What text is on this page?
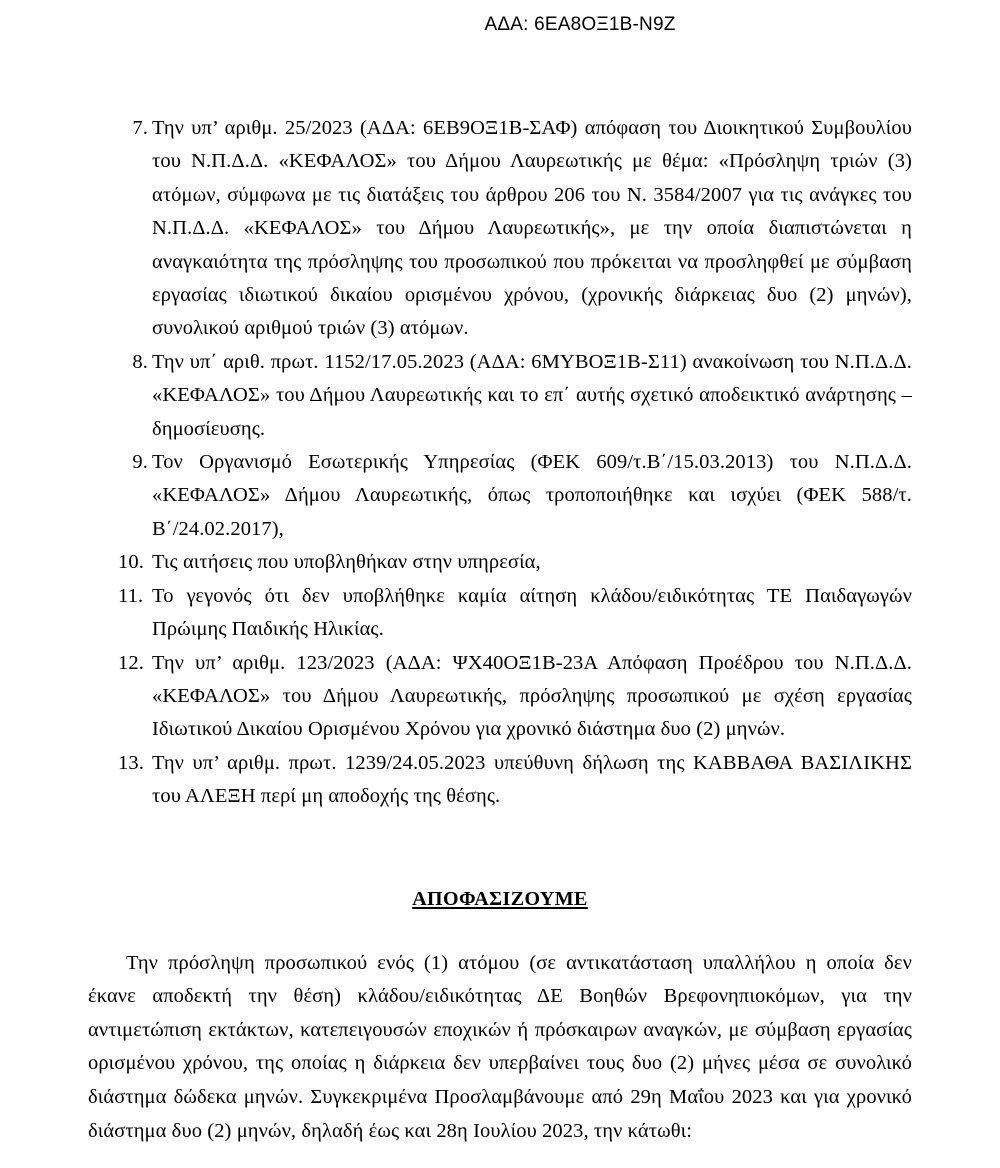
ΑΔΑ: 6ΕΑ8ΟΞ1Β-Ν9Ζ
7. Την υπ’ αριθμ. 25/2023 (ΑΔΑ: 6ΕΒ9ΟΞ1Β-ΣΑΦ) απόφαση του Διοικητικού Συμβουλίου του Ν.Π.Δ.Δ. «ΚΕΦΑΛΟΣ» του Δήμου Λαυρεωτικής με θέμα: «Πρόσληψη τριών (3) ατόμων, σύμφωνα με τις διατάξεις του άρθρου 206 του Ν. 3584/2007 για τις ανάγκες του Ν.Π.Δ.Δ. «ΚΕΦΑΛΟΣ» του Δήμου Λαυρεωτικής», με την οποία διαπιστώνεται η αναγκαιότητα της πρόσληψης του προσωπικού που πρόκειται να προσληφθεί με σύμβαση εργασίας ιδιωτικού δικαίου ορισμένου χρόνου, (χρονικής διάρκειας δυο (2) μηνών), συνολικού αριθμού τριών (3) ατόμων.
8. Την υπ΄ αριθ. πρωτ. 1152/17.05.2023 (ΑΔΑ: 6ΜΥΒΟΞ1Β-Σ11) ανακοίνωση του Ν.Π.Δ.Δ. «ΚΕΦΑΛΟΣ» του Δήμου Λαυρεωτικής και το επ΄ αυτής σχετικό αποδεικτικό ανάρτησης – δημοσίευσης.
9. Τον Οργανισμό Εσωτερικής Υπηρεσίας (ΦΕΚ 609/τ.Β΄/15.03.2013) του Ν.Π.Δ.Δ. «ΚΕΦΑΛΟΣ» Δήμου Λαυρεωτικής, όπως τροποποιήθηκε και ισχύει (ΦΕΚ 588/τ. Β΄/24.02.2017),
10. Τις αιτήσεις που υποβληθήκαν στην υπηρεσία,
11. Το γεγονός ότι δεν υποβλήθηκε καμία αίτηση κλάδου/ειδικότητας ΤΕ Παιδαγωγών Πρώιμης Παιδικής Ηλικίας.
12. Την υπ’ αριθμ. 123/2023 (ΑΔΑ: ΨΧ40ΟΞ1Β-23Α Απόφαση Προέδρου του Ν.Π.Δ.Δ. «ΚΕΦΑΛΟΣ» του Δήμου Λαυρεωτικής, πρόσληψης προσωπικού με σχέση εργασίας Ιδιωτικού Δικαίου Ορισμένου Χρόνου για χρονικό διάστημα δυο (2) μηνών.
13. Την υπ’ αριθμ. πρωτ. 1239/24.05.2023 υπεύθυνη δήλωση της ΚΑΒΒΑΘΑ ΒΑΣΙΛΙΚΗΣ του ΑΛΕΞΗ περί μη αποδοχής της θέσης.
ΑΠΟΦΑΣΙΖΟΥΜΕ

Την πρόσληψη προσωπικού ενός (1) ατόμου (σε αντικατάσταση υπαλλήλου η οποία δεν έκανε αποδεκτή την θέση) κλάδου/ειδικότητας ΔΕ Βοηθών Βρεφονηπιοκόμων, για την αντιμετώπιση εκτάκτων, κατεπειγουσών εποχικών ή πρόσκαιρων αναγκών, με σύμβαση εργασίας ορισμένου χρόνου, της οποίας η διάρκεια δεν υπερβαίνει τους δυο (2) μήνες μέσα σε συνολικό διάστημα δώδεκα μηνών. Συγκεκριμένα Προσλαμβάνουμε από 29η Μαΐου 2023 και για χρονικό διάστημα δυο (2) μηνών, δηλαδή έως και 28η Ιουλίου 2023, την κάτωθι:
